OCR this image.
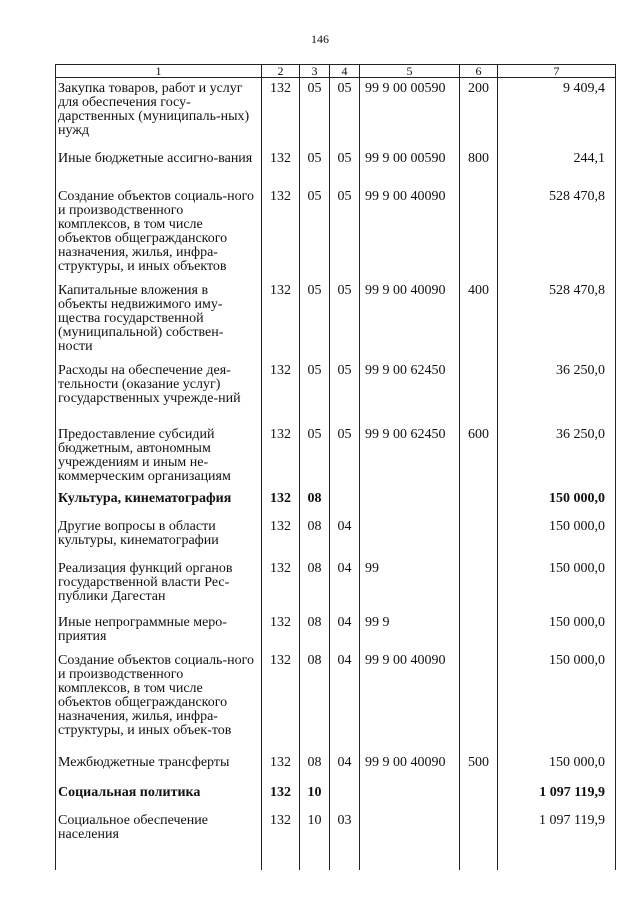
146
1	2	3	4	5	6	7
Закупка товаров, работ и услуг для обеспечения госу-дарственных (муниципаль-ных) нужд	132	05	05	99 9 00 00590	200	9 409,4
Иные бюджетные ассигно-вания	132	05	05	99 9 00 00590	800	244,1
Создание объектов социаль-ного и производственного комплексов, в том числе объектов общегражданского назначения, жилья, инфра-структуры, и иных объектов	132	05	05	99 9 00 40090		528 470,8
Капитальные вложения в объекты недвижимого иму-щества государственной (муниципальной) собствен-ности	132	05	05	99 9 00 40090	400	528 470,8
Расходы на обеспечение дея-тельности (оказание услуг) государственных учрежде-ний	132	05	05	99 9 00 62450		36 250,0
Предоставление субсидий бюджетным, автономным учреждениям и иным не-коммерческим организациям	132	05	05	99 9 00 62450	600	36 250,0
Культура, кинематография	132	08				150 000,0
Другие вопросы в области культуры, кинематографии	132	08	04			150 000,0
Реализация функций органов государственной власти Рес-публики Дагестан	132	08	04	99		150 000,0
Иные непрограммные меро-приятия	132	08	04	99 9		150 000,0
Создание объектов социаль-ного и производственного комплексов, в том числе объектов общегражданского назначения, жилья, инфра-структуры, и иных объек-тов	132	08	04	99 9 00 40090		150 000,0
Межбюджетные трансферты	132	08	04	99 9 00 40090	500	150 000,0
Социальная политика	132	10				1 097 119,9
Социальное обеспечение населения	132	10	03			1 097 119,9
